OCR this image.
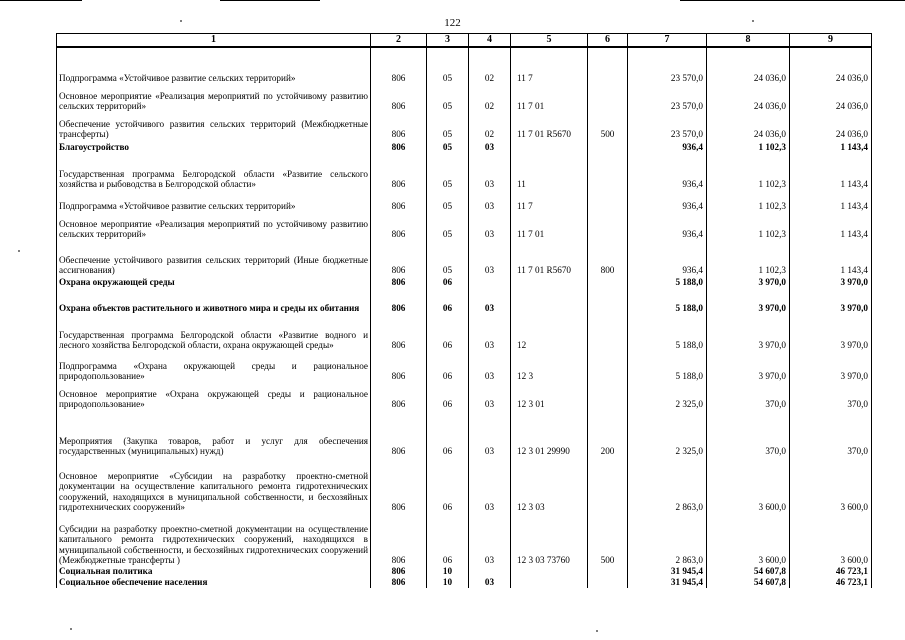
122
1	2	3	4	5	6	7	8	9
Подпрограмма «Устойчивое развитие сельских территорий»	806	05	02	11 7		23 570,0	24 036,0	24 036,0
Основное мероприятие «Реализация мероприятий по устойчивому развитию сельских территорий»	806	05	02	11 7 01		23 570,0	24 036,0	24 036,0
Обеспечение устойчивого развития сельских территорий (Межбюджетные трансферты)	806	05	02	11 7 01 R5670	500	23 570,0	24 036,0	24 036,0
Благоустройство	806	05	03			936,4	1 102,3	1 143,4
Государственная программа Белгородской области «Развитие сельского хозяйства и рыбоводства в Белгородской области»	806	05	03	11		936,4	1 102,3	1 143,4
Подпрограмма «Устойчивое развитие сельских территорий»	806	05	03	11 7		936,4	1 102,3	1 143,4
Основное мероприятие «Реализация мероприятий по устойчивому развитию сельских территорий»	806	05	03	11 7 01		936,4	1 102,3	1 143,4
Обеспечение устойчивого развития сельских территорий (Иные бюджетные ассигнования)	806	05	03	11 7 01 R5670	800	936,4	1 102,3	1 143,4
Охрана окружающей среды	806	06				5 188,0	3 970,0	3 970,0
Охрана объектов растительного и животного мира и среды их обитания	806	06	03			5 188,0	3 970,0	3 970,0
Государственная программа Белгородской области «Развитие водного и лесного хозяйства Белгородской области, охрана окружающей среды»	806	06	03	12		5 188,0	3 970,0	3 970,0
Подпрограмма «Охрана окружающей среды и рациональное природопользование»	806	06	03	12 3		5 188,0	3 970,0	3 970,0
Основное мероприятие «Охрана окружающей среды и рациональное природопользование»	806	06	03	12 3 01		2 325,0	370,0	370,0
Мероприятия (Закупка товаров, работ и услуг для обеспечения государственных (муниципальных) нужд)	806	06	03	12 3 01 29990	200	2 325,0	370,0	370,0
Основное мероприятие «Субсидии на разработку проектно-сметной документации на осуществление капитального ремонта гидротехнических сооружений, находящихся в муниципальной собственности, и бесхозяйных гидротехнических сооружений»	806	06	03	12 3 03		2 863,0	3 600,0	3 600,0
Субсидии на разработку проектно-сметной документации на осуществление капитального ремонта гидротехнических сооружений, находящихся в муниципальной собственности, и бесхозяйных гидротехнических сооружений (Межбюджетные трансферты )	806	06	03	12 3 03 73760	500	2 863,0	3 600,0	3 600,0
Социальная политика	806	10				31 945,4	54 607,8	46 723,1
Социальное обеспечение населения	806	10	03			31 945,4	54 607,8	46 723,1
